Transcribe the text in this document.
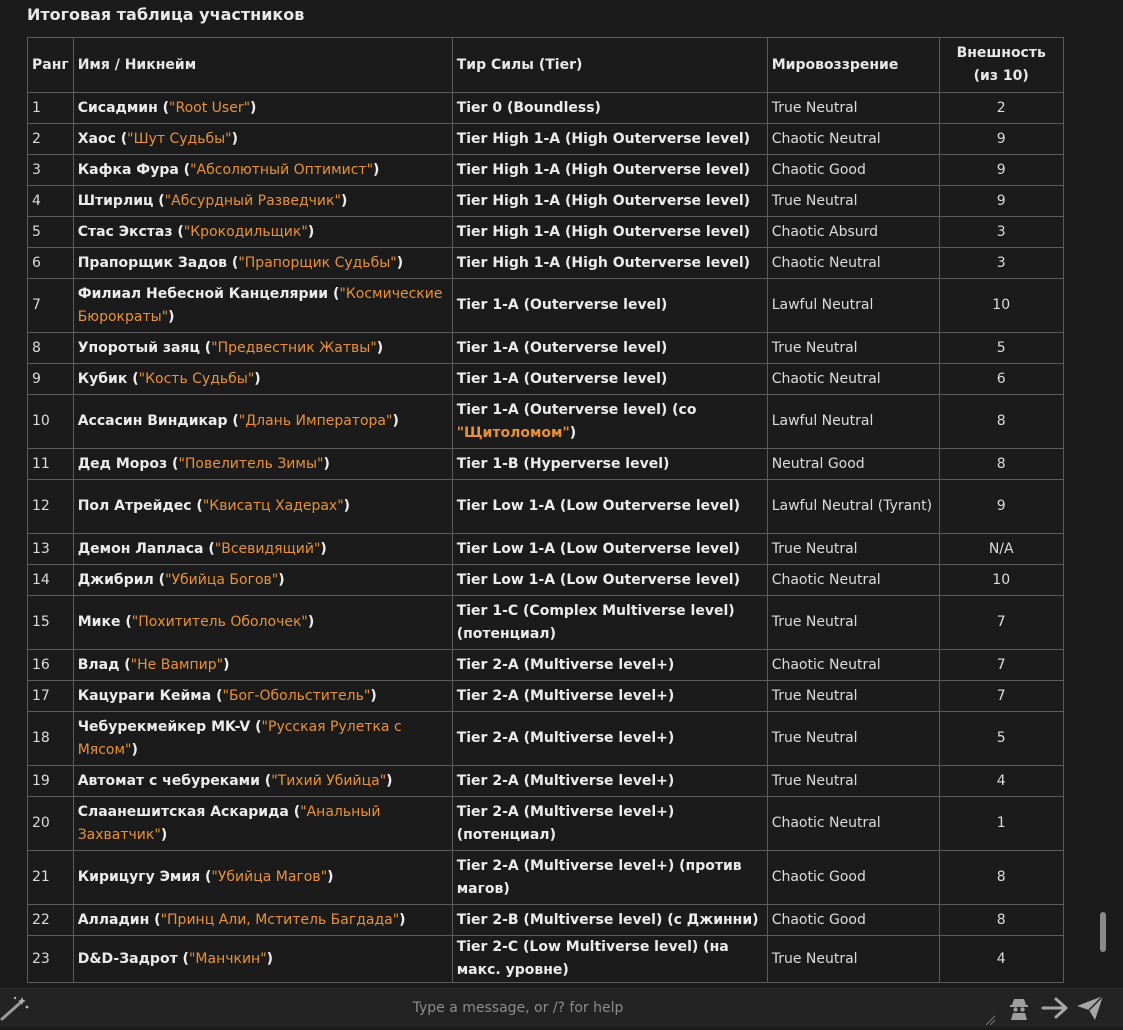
Итоговая таблица участников
Ранг	Имя / Никнейм	Тир Силы (Tier)	Мировоззрение	Внешность (из 10)
1	Сисадмин ("Root User")	Tier 0 (Boundless)	True Neutral	2
2	Хаос ("Шут Судьбы")	Tier High 1-A (High Outerverse level)	Chaotic Neutral	9
3	Кафка Фура ("Абсолютный Оптимист")	Tier High 1-A (High Outerverse level)	Chaotic Good	9
4	Штирлиц ("Абсурдный Разведчик")	Tier High 1-A (High Outerverse level)	True Neutral	9
5	Стас Экстаз ("Крокодильщик")	Tier High 1-A (High Outerverse level)	Chaotic Absurd	3
6	Прапорщик Задов ("Прапорщик Судьбы")	Tier High 1-A (High Outerverse level)	Chaotic Neutral	3
7	Филиал Небесной Канцелярии ("Космические Бюрократы")	Tier 1-A (Outerverse level)	Lawful Neutral	10
8	Упоротый заяц ("Предвестник Жатвы")	Tier 1-A (Outerverse level)	True Neutral	5
9	Кубик ("Кость Судьбы")	Tier 1-A (Outerverse level)	Chaotic Neutral	6
10	Ассасин Виндикар ("Длань Императора")	Tier 1-A (Outerverse level) (со "Щитоломом")	Lawful Neutral	8
11	Дед Мороз ("Повелитель Зимы")	Tier 1-B (Hyperverse level)	Neutral Good	8
12	Пол Атрейдес ("Квисатц Хадерах")	Tier Low 1-A (Low Outerverse level)	Lawful Neutral (Tyrant)	9
13	Демон Лапласа ("Всевидящий")	Tier Low 1-A (Low Outerverse level)	True Neutral	N/A
14	Джибрил ("Убийца Богов")	Tier Low 1-A (Low Outerverse level)	Chaotic Neutral	10
15	Мике ("Похититель Оболочек")	Tier 1-C (Complex Multiverse level) (потенциал)	True Neutral	7
16	Влад ("Не Вампир")	Tier 2-A (Multiverse level+)	Chaotic Neutral	7
17	Кацураги Кейма ("Бог-Обольститель")	Tier 2-A (Multiverse level+)	True Neutral	7
18	Чебурекмейкер MK-V ("Русская Рулетка с Мясом")	Tier 2-A (Multiverse level+)	True Neutral	5
19	Автомат с чебуреками ("Тихий Убийца")	Tier 2-A (Multiverse level+)	True Neutral	4
20	Слаанешитская Аскарида ("Анальный Захватчик")	Tier 2-A (Multiverse level+) (потенциал)	Chaotic Neutral	1
21	Кирицугу Эмия ("Убийца Магов")	Tier 2-A (Multiverse level+) (против магов)	Chaotic Good	8
22	Алладин ("Принц Али, Мститель Багдада")	Tier 2-B (Multiverse level) (с Джинни)	Chaotic Good	8
23	D&D-Задрот ("Манчкин")	Tier 2-C (Low Multiverse level) (на макс. уровне)	True Neutral	4
Type a message, or /? for help
